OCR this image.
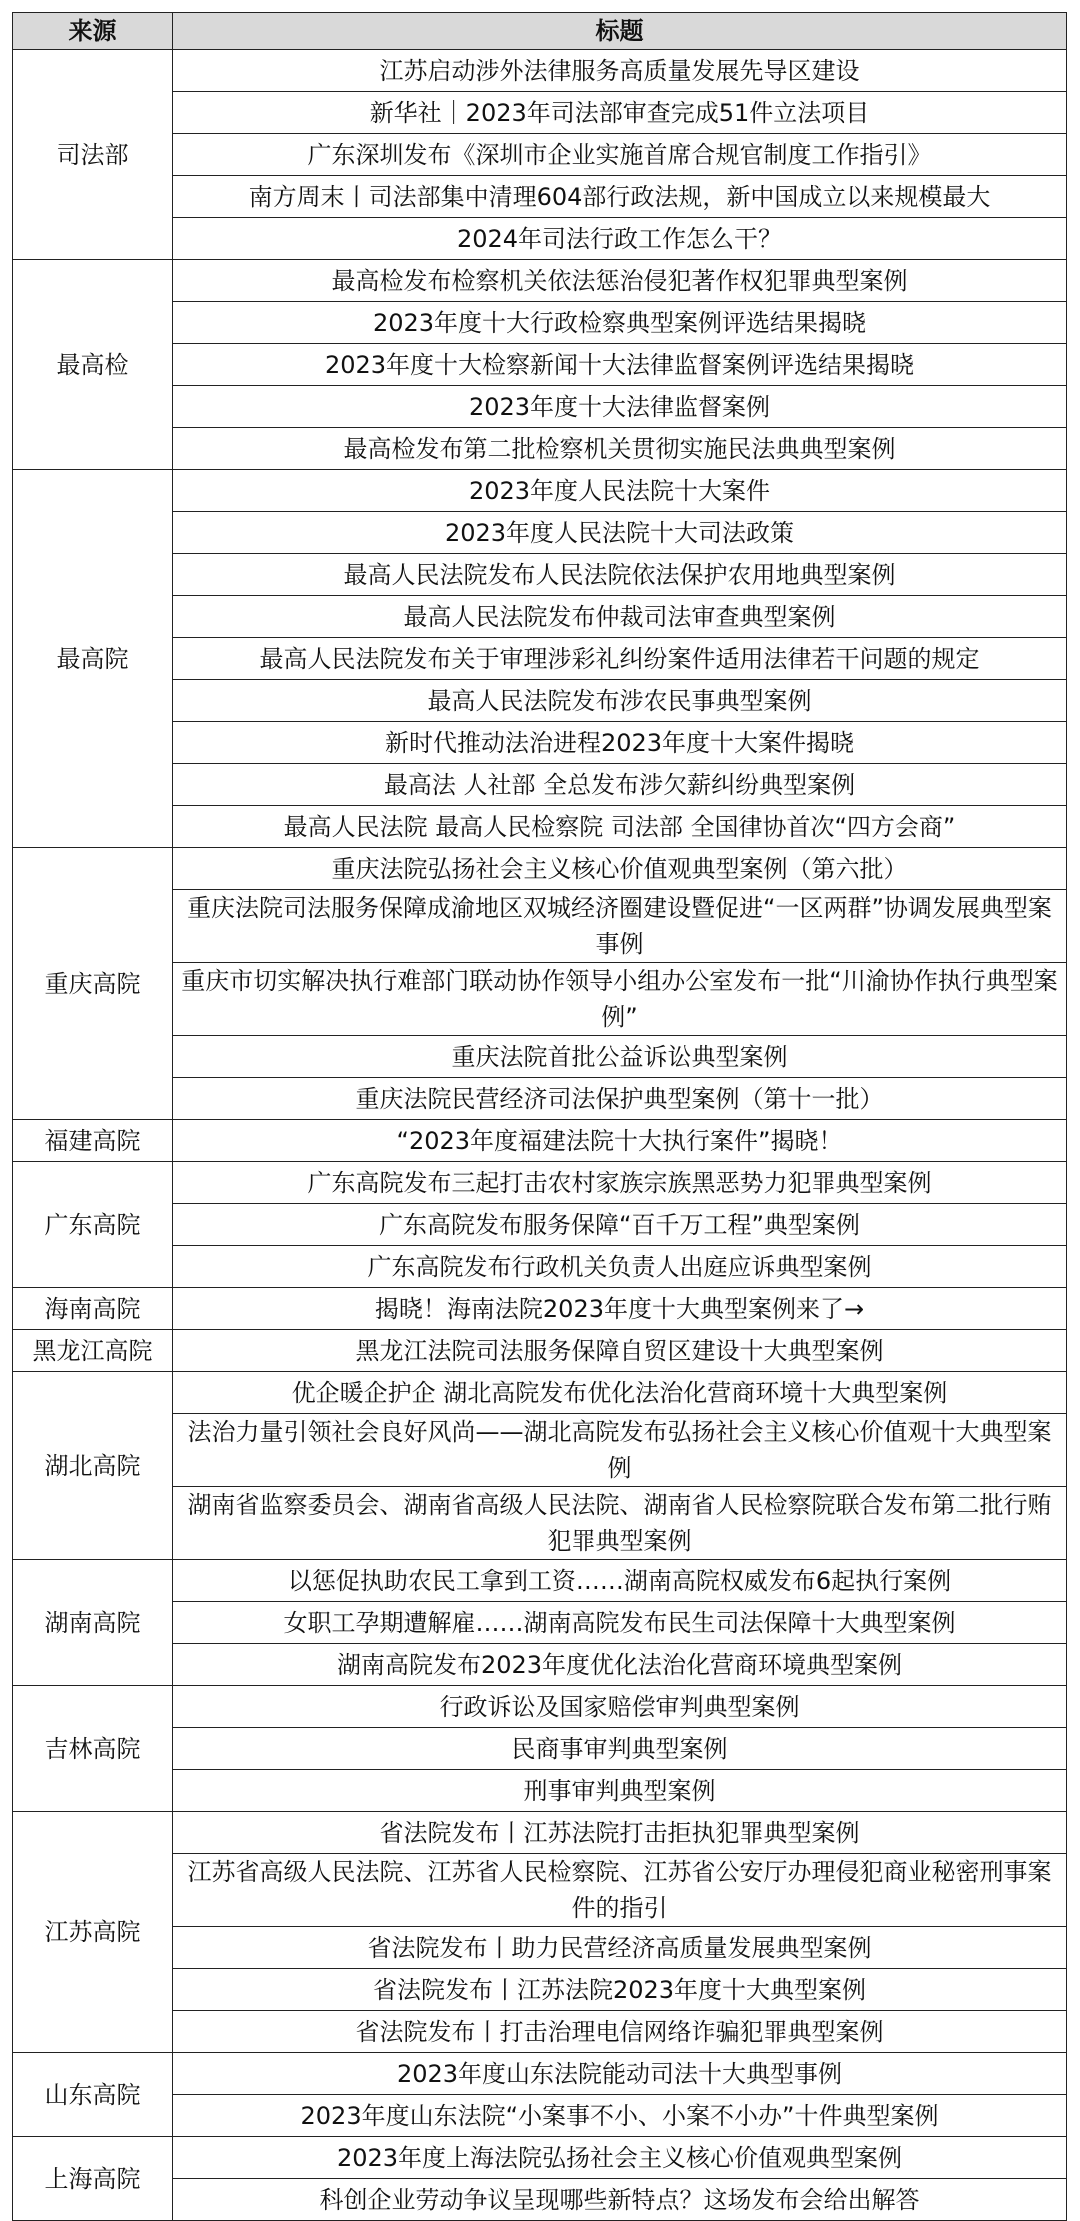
来源	标题
司法部	江苏启动涉外法律服务高质量发展先导区建设
	新华社｜2023年司法部审查完成51件立法项目
	广东深圳发布《深圳市企业实施首席合规官制度工作指引》
	南方周末丨司法部集中清理604部行政法规，新中国成立以来规模最大
	2024年司法行政工作怎么干？
最高检	最高检发布检察机关依法惩治侵犯著作权犯罪典型案例
	2023年度十大行政检察典型案例评选结果揭晓
	2023年度十大检察新闻十大法律监督案例评选结果揭晓
	2023年度十大法律监督案例
	最高检发布第二批检察机关贯彻实施民法典典型案例
最高院	2023年度人民法院十大案件
	2023年度人民法院十大司法政策
	最高人民法院发布人民法院依法保护农用地典型案例
	最高人民法院发布仲裁司法审查典型案例
	最高人民法院发布关于审理涉彩礼纠纷案件适用法律若干问题的规定
	最高人民法院发布涉农民事典型案例
	新时代推动法治进程2023年度十大案件揭晓
	最高法 人社部 全总发布涉欠薪纠纷典型案例
	最高人民法院 最高人民检察院 司法部 全国律协首次“四方会商”
重庆高院	重庆法院弘扬社会主义核心价值观典型案例（第六批）
	重庆法院司法服务保障成渝地区双城经济圈建设暨促进“一区两群”协调发展典型案事例
	重庆市切实解决执行难部门联动协作领导小组办公室发布一批“川渝协作执行典型案例”
	重庆法院首批公益诉讼典型案例
	重庆法院民营经济司法保护典型案例（第十一批）
福建高院	“2023年度福建法院十大执行案件”揭晓！
广东高院	广东高院发布三起打击农村家族宗族黑恶势力犯罪典型案例
	广东高院发布服务保障“百千万工程”典型案例
	广东高院发布行政机关负责人出庭应诉典型案例
海南高院	揭晓！海南法院2023年度十大典型案例来了→
黑龙江高院	黑龙江法院司法服务保障自贸区建设十大典型案例
湖北高院	优企暖企护企 湖北高院发布优化法治化营商环境十大典型案例
	法治力量引领社会良好风尚——湖北高院发布弘扬社会主义核心价值观十大典型案例
	湖南省监察委员会、湖南省高级人民法院、湖南省人民检察院联合发布第二批行贿犯罪典型案例
湖南高院	以惩促执助农民工拿到工资……湖南高院权威发布6起执行案例
	女职工孕期遭解雇……湖南高院发布民生司法保障十大典型案例
	湖南高院发布2023年度优化法治化营商环境典型案例
吉林高院	行政诉讼及国家赔偿审判典型案例
	民商事审判典型案例
	刑事审判典型案例
江苏高院	省法院发布丨江苏法院打击拒执犯罪典型案例
	江苏省高级人民法院、江苏省人民检察院、江苏省公安厅办理侵犯商业秘密刑事案件的指引
	省法院发布丨助力民营经济高质量发展典型案例
	省法院发布丨江苏法院2023年度十大典型案例
	省法院发布丨打击治理电信网络诈骗犯罪典型案例
山东高院	2023年度山东法院能动司法十大典型事例
	2023年度山东法院“小案事不小、小案不小办”十件典型案例
上海高院	2023年度上海法院弘扬社会主义核心价值观典型案例
	科创企业劳动争议呈现哪些新特点？这场发布会给出解答
